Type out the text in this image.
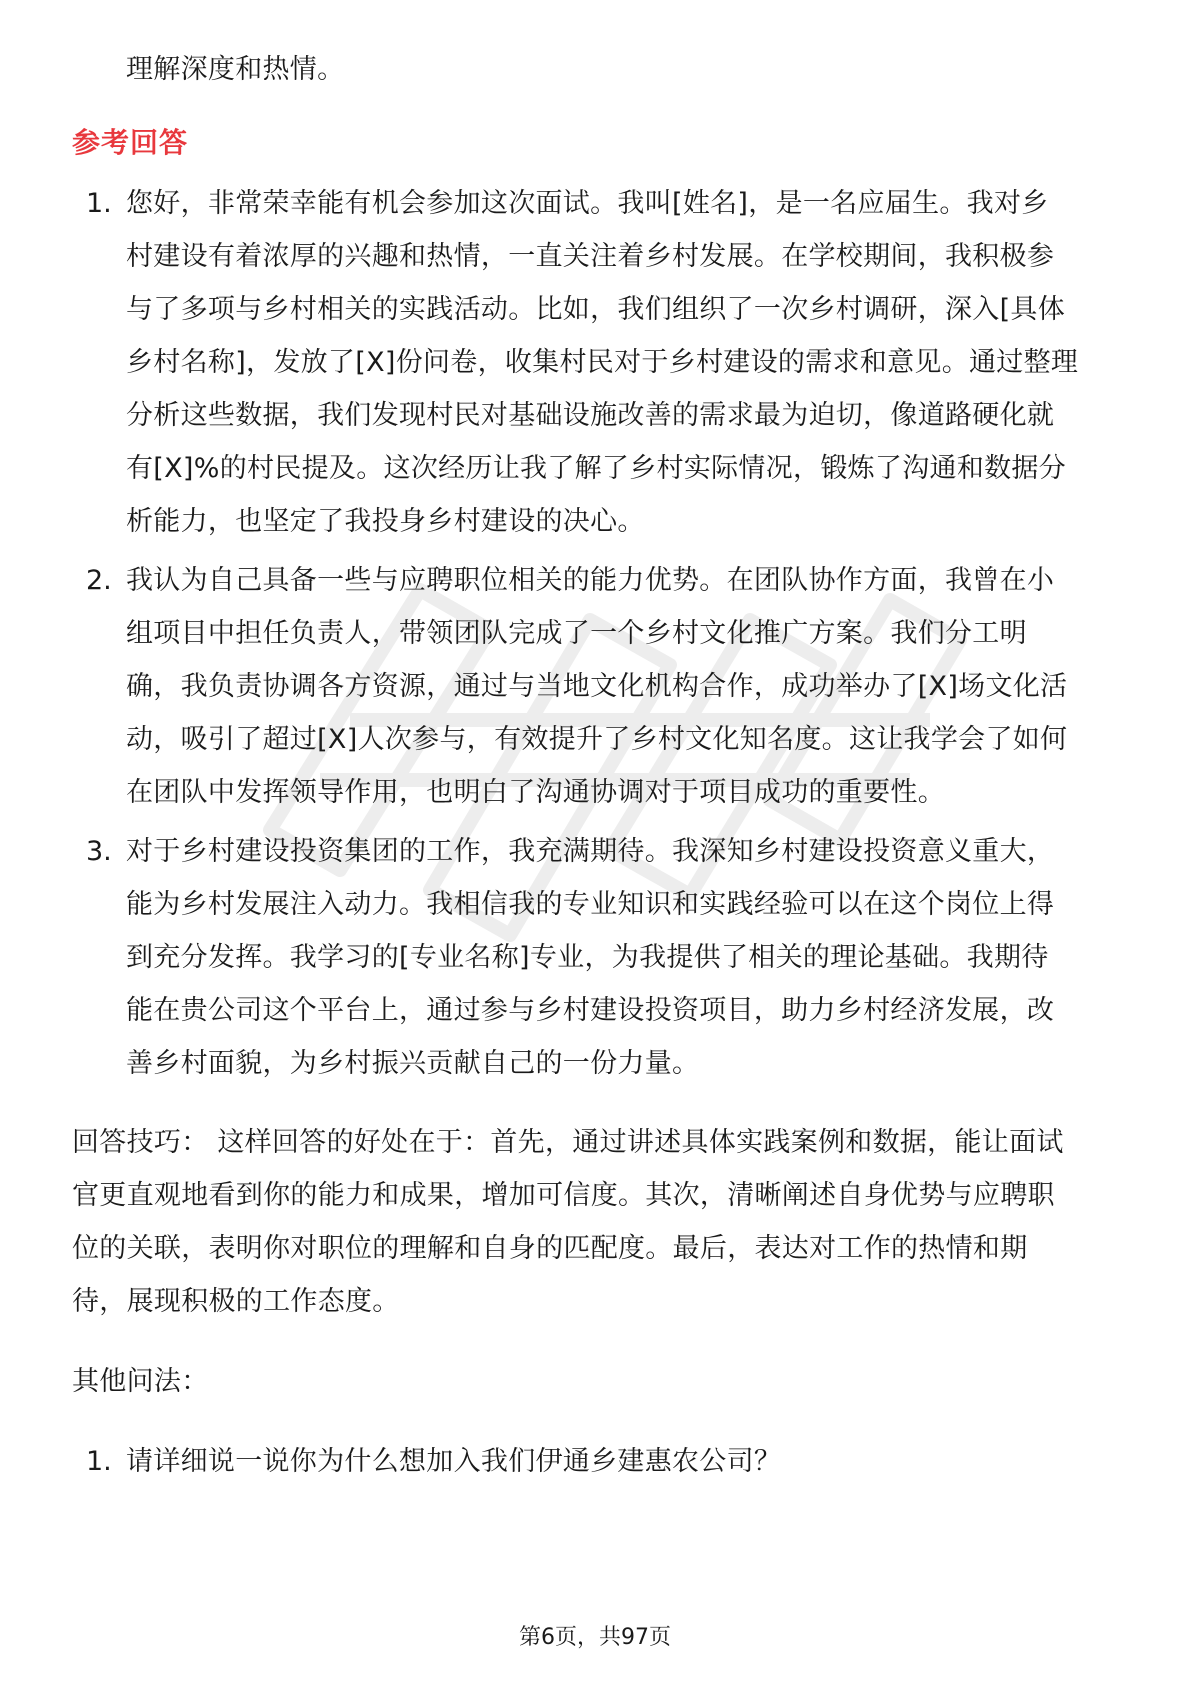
理解深度和热情。
参考回答
1. 您好，非常荣幸能有机会参加这次面试。我叫[姓名]，是一名应届生。我对乡
村建设有着浓厚的兴趣和热情，一直关注着乡村发展。在学校期间，我积极参
与了多项与乡村相关的实践活动。比如，我们组织了一次乡村调研，深入[具体
乡村名称]，发放了[X]份问卷，收集村民对于乡村建设的需求和意见。通过整理
分析这些数据，我们发现村民对基础设施改善的需求最为迫切，像道路硬化就
有[X]%的村民提及。这次经历让我了解了乡村实际情况，锻炼了沟通和数据分
析能力，也坚定了我投身乡村建设的决心。
2. 我认为自己具备一些与应聘职位相关的能力优势。在团队协作方面，我曾在小
组项目中担任负责人，带领团队完成了一个乡村文化推广方案。我们分工明
确，我负责协调各方资源，通过与当地文化机构合作，成功举办了[X]场文化活
动，吸引了超过[X]人次参与，有效提升了乡村文化知名度。这让我学会了如何
在团队中发挥领导作用，也明白了沟通协调对于项目成功的重要性。
3. 对于乡村建设投资集团的工作，我充满期待。我深知乡村建设投资意义重大，
能为乡村发展注入动力。我相信我的专业知识和实践经验可以在这个岗位上得
到充分发挥。我学习的[专业名称]专业，为我提供了相关的理论基础。我期待
能在贵公司这个平台上，通过参与乡村建设投资项目，助力乡村经济发展，改
善乡村面貌，为乡村振兴贡献自己的一份力量。
回答技巧： 这样回答的好处在于：首先，通过讲述具体实践案例和数据，能让面试
官更直观地看到你的能力和成果，增加可信度。其次，清晰阐述自身优势与应聘职
位的关联，表明你对职位的理解和自身的匹配度。最后，表达对工作的热情和期
待，展现积极的工作态度。
其他问法：
1. 请详细说一说你为什么想加入我们伊通乡建惠农公司？
第6页，共97页
